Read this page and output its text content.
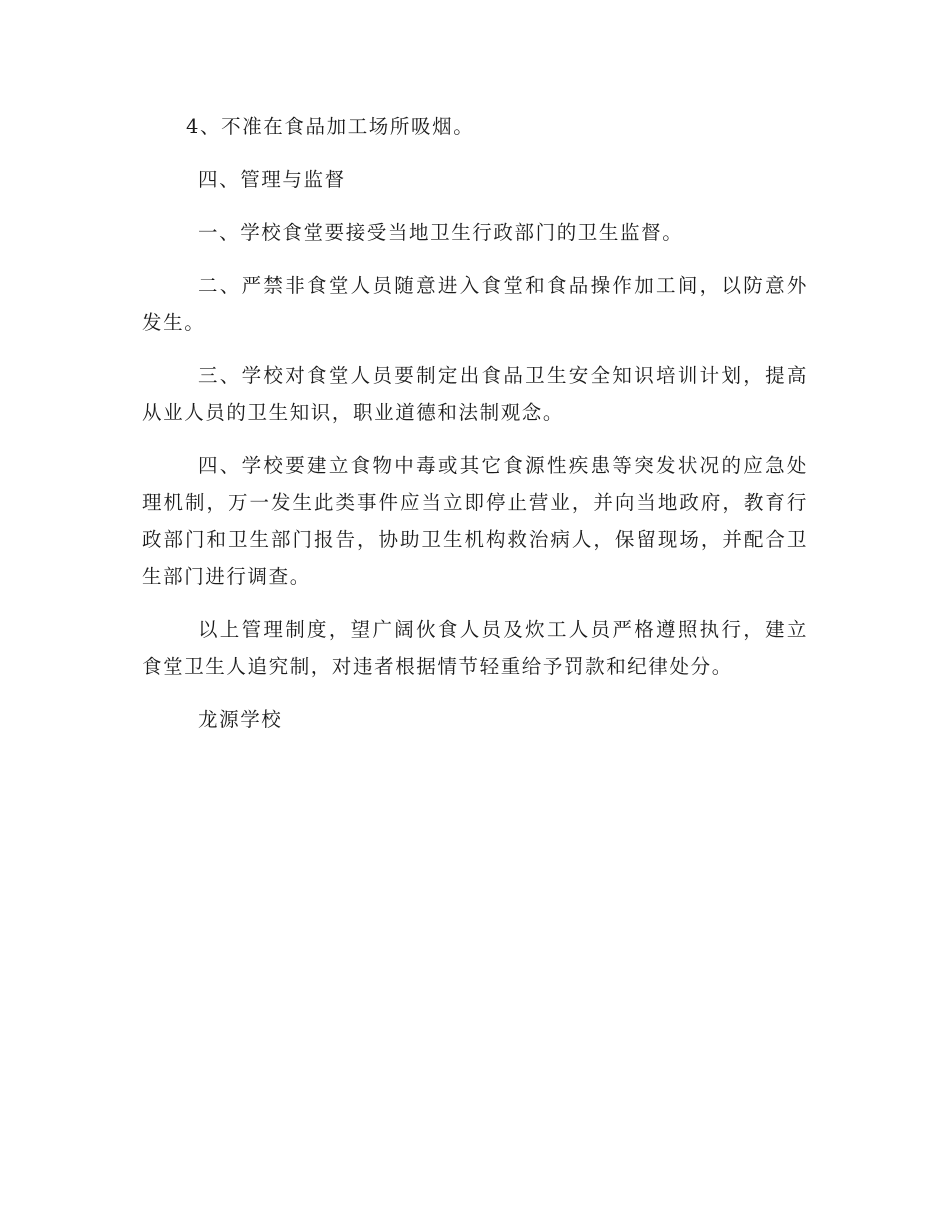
4、不准在食品加工场所吸烟。

四、管理与监督

一、学校食堂要接受当地卫生行政部门的卫生监督。

二、严禁非食堂人员随意进入食堂和食品操作加工间，以防意外发生。

三、学校对食堂人员要制定出食品卫生安全知识培训计划，提高从业人员的卫生知识，职业道德和法制观念。

四、学校要建立食物中毒或其它食源性疾患等突发状况的应急处理机制，万一发生此类事件应当立即停止营业，并向当地政府，教育行政部门和卫生部门报告，协助卫生机构救治病人，保留现场，并配合卫生部门进行调查。

以上管理制度，望广阔伙食人员及炊工人员严格遵照执行，建立食堂卫生人追究制，对违者根据情节轻重给予罚款和纪律处分。

龙源学校
